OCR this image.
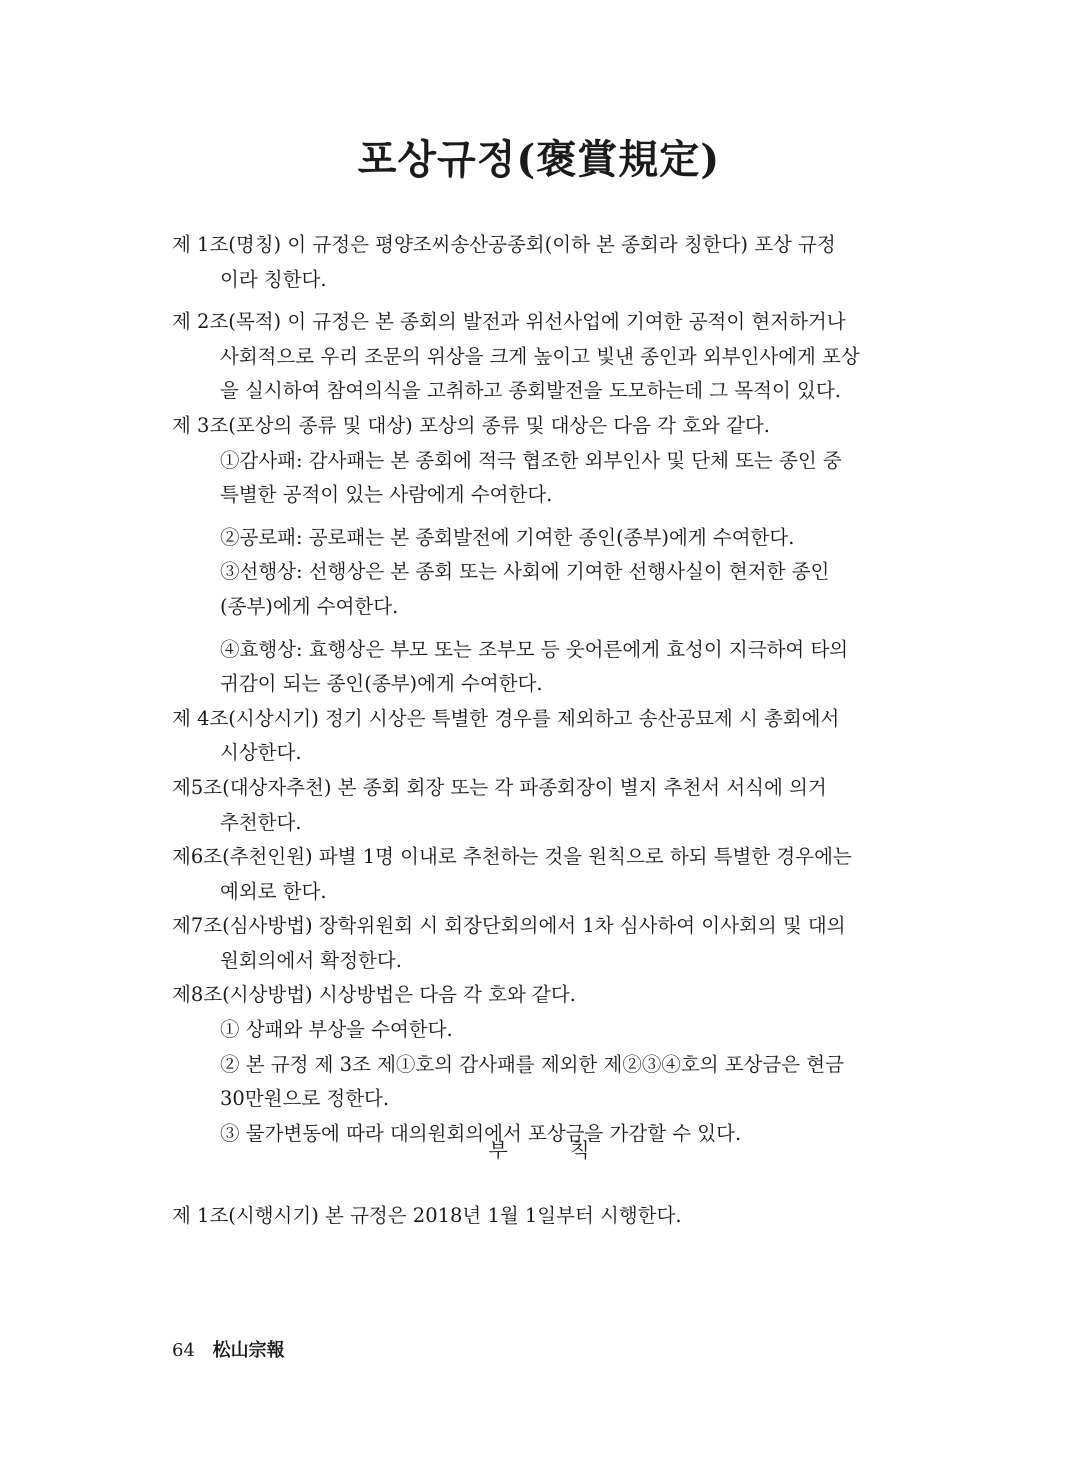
포상규정(褒賞規定)
제 1조(명칭) 이 규정은 평양조씨송산공종회(이하 본 종회라 칭한다) 포상 규정
이라 칭한다.
제 2조(목적) 이 규정은 본 종회의 발전과 위선사업에 기여한 공적이 현저하거나
사회적으로 우리 조문의 위상을 크게 높이고 빛낸 종인과 외부인사에게 포상
을 실시하여 참여의식을 고취하고 종회발전을 도모하는데 그 목적이 있다.
제 3조(포상의 종류 및 대상) 포상의 종류 및 대상은 다음 각 호와 같다.
①감사패: 감사패는 본 종회에 적극 협조한 외부인사 및 단체 또는 종인 중
특별한 공적이 있는 사람에게 수여한다.
②공로패: 공로패는 본 종회발전에 기여한 종인(종부)에게 수여한다.
③선행상: 선행상은 본 종회 또는 사회에 기여한 선행사실이 현저한 종인
(종부)에게 수여한다.
④효행상: 효행상은 부모 또는 조부모 등 웃어른에게 효성이 지극하여 타의
귀감이 되는 종인(종부)에게 수여한다.
제 4조(시상시기) 정기 시상은 특별한 경우를 제외하고 송산공묘제 시 총회에서
시상한다.
제5조(대상자추천) 본 종회 회장 또는 각 파종회장이 별지 추천서 서식에 의거
추천한다.
제6조(추천인원) 파별 1명 이내로 추천하는 것을 원칙으로 하되 특별한 경우에는
예외로 한다.
제7조(심사방법) 장학위원회 시 회장단회의에서 1차 심사하여 이사회의 및 대의
원회의에서 확정한다.
제8조(시상방법) 시상방법은 다음 각 호와 같다.
① 상패와 부상을 수여한다.
② 본 규정 제 3조 제①호의 감사패를 제외한 제②③④호의 포상금은 현금
30만원으로 정한다.
③ 물가변동에 따라 대의원회의에서 포상금을 가감할 수 있다.
부 칙
제 1조(시행시기) 본 규정은 2018년 1월 1일부터 시행한다.
64 松山宗報
